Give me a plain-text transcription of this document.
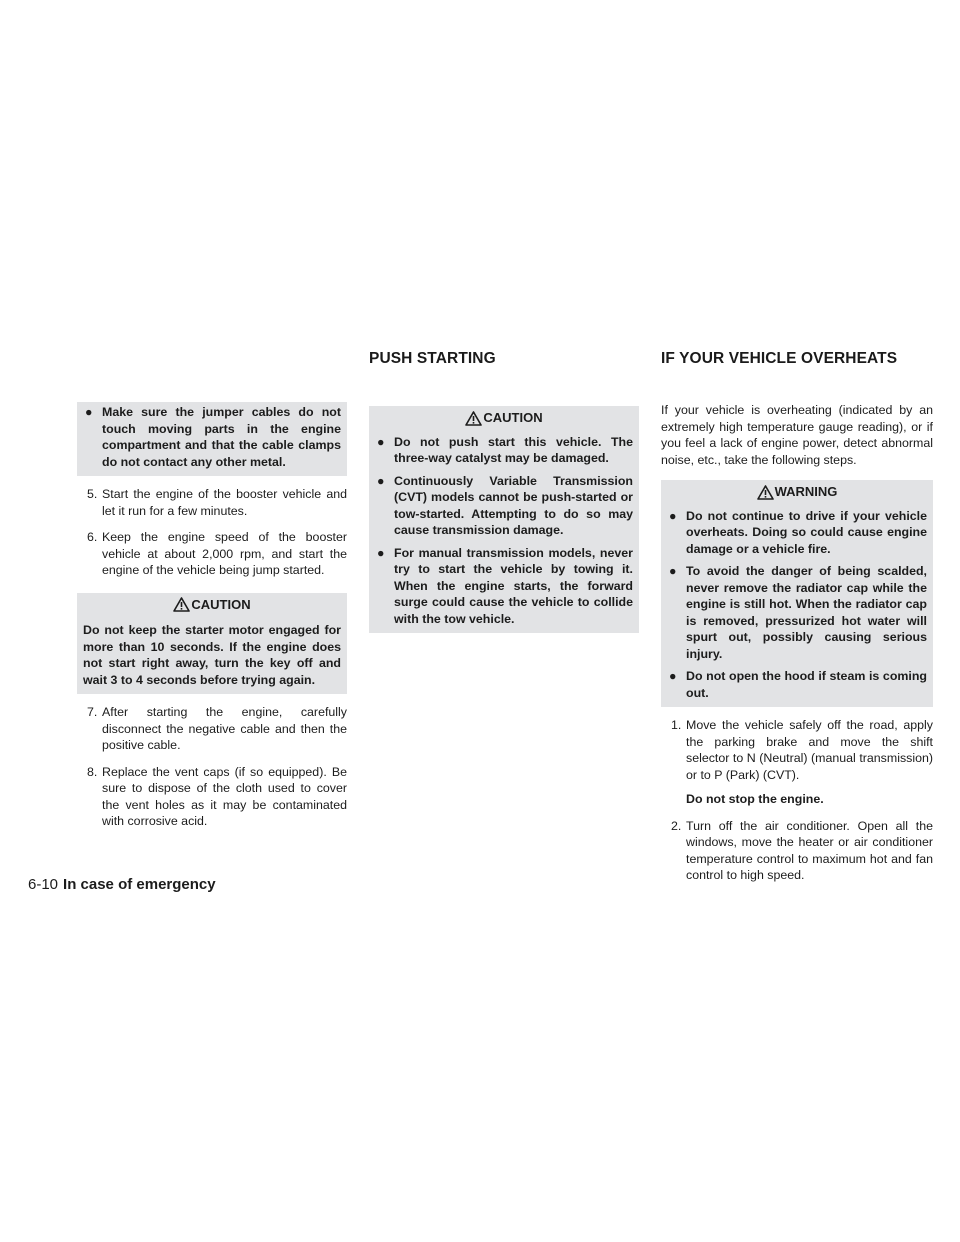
PUSH STARTING	IF YOUR VEHICLE OVERHEATS
● Make sure the jumper cables do not touch moving parts in the engine compartment and that the cable clamps do not contact any other metal.
5. Start the engine of the booster vehicle and let it run for a few minutes.
6. Keep the engine speed of the booster vehicle at about 2,000 rpm, and start the engine of the vehicle being jump started.
CAUTION
Do not keep the starter motor engaged for more than 10 seconds. If the engine does not start right away, turn the key off and wait 3 to 4 seconds before trying again.
7. After starting the engine, carefully disconnect the negative cable and then the positive cable.
8. Replace the vent caps (if so equipped). Be sure to dispose of the cloth used to cover the vent holes as it may be contaminated with corrosive acid.
CAUTION
● Do not push start this vehicle. The three-way catalyst may be damaged.
● Continuously Variable Transmission (CVT) models cannot be push-started or tow-started. Attempting to do so may cause transmission damage.
● For manual transmission models, never try to start the vehicle by towing it. When the engine starts, the forward surge could cause the vehicle to collide with the tow vehicle.
If your vehicle is overheating (indicated by an extremely high temperature gauge reading), or if you feel a lack of engine power, detect abnormal noise, etc., take the following steps.
WARNING
● Do not continue to drive if your vehicle overheats. Doing so could cause engine damage or a vehicle fire.
● To avoid the danger of being scalded, never remove the radiator cap while the engine is still hot. When the radiator cap is removed, pressurized hot water will spurt out, possibly causing serious injury.
● Do not open the hood if steam is coming out.
1. Move the vehicle safely off the road, apply the parking brake and move the shift selector to N (Neutral) (manual transmission) or to P (Park) (CVT).
Do not stop the engine.
2. Turn off the air conditioner. Open all the windows, move the heater or air conditioner temperature control to maximum hot and fan control to high speed.
6-10 In case of emergency
